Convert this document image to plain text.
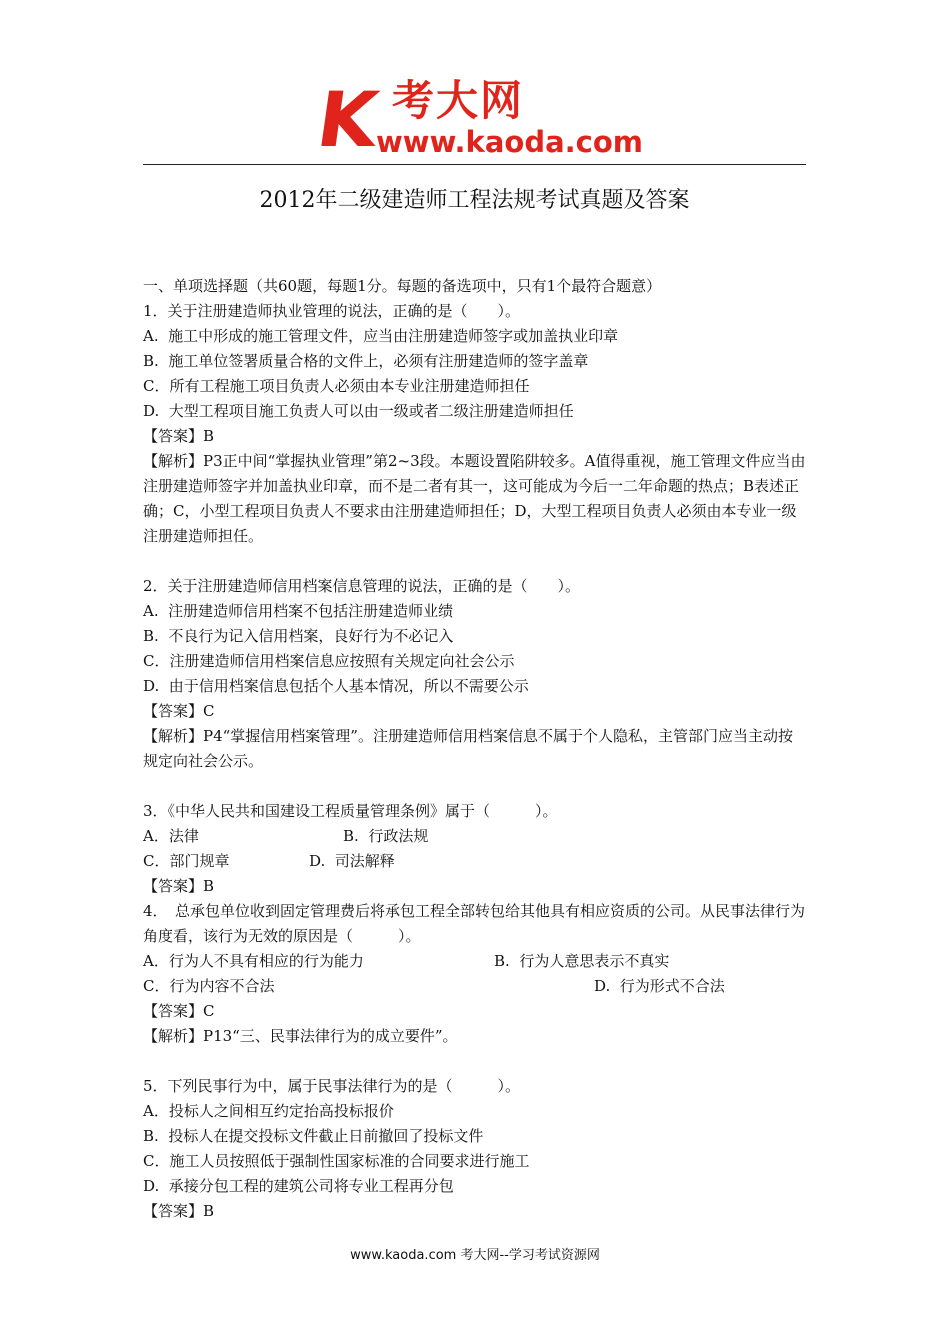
K 考大网
www.kaoda.com
2012年二级建造师工程法规考试真题及答案

一、单项选择题（共60题，每题1分。每题的备选项中，只有1个最符合题意）

1．关于注册建造师执业管理的说法，正确的是（　　）。

A.  施工中形成的施工管理文件，应当由注册建造师签字或加盖执业印章

B.  施工单位签署质量合格的文件上，必须有注册建造师的签字盖章

C．所有工程施工项目负责人必须由本专业注册建造师担任

D.  大型工程项目施工负责人可以由一级或者二级注册建造师担任

【答案】B

【解析】P3正中间“掌握执业管理”第2~3段。本题设置陷阱较多。A值得重视，施工管理文件应当由注册建造师签字并加盖执业印章，而不是二者有其一，这可能成为今后一二年命题的热点；B表述正确；C，小型工程项目负责人不要求由注册建造师担任；D，大型工程项目负责人必须由本专业一级注册建造师担任。

2．关于注册建造师信用档案信息管理的说法，正确的是（　　）。

A.  注册建造师信用档案不包括注册建造师业绩

B.  不良行为记入信用档案，良好行为不必记入

C．注册建造师信用档案信息应按照有关规定向社会公示

D.  由于信用档案信息包括个人基本情况，所以不需要公示

【答案】C

【解析】P4“掌握信用档案管理”。注册建造师信用档案信息不属于个人隐私，主管部门应当主动按规定向社会公示。

3．《中华人民共和国建设工程质量管理条例》属于（　　　）。

A．法律	B.  行政法规
C．部门规章	D.  司法解释

【答案】B

4．　总承包单位收到固定管理费后将承包工程全部转包给其他具有相应资质的公司。从民事法律行为角度看，该行为无效的原因是（　　　）。

A．行为人不具有相应的行为能力	B.  行为人意思表示不真实
C．行为内容不合法	D.  行为形式不合法

【答案】C

【解析】P13“三、民事法律行为的成立要件”。

5．下列民事行为中，属于民事法律行为的是（　　　）。

A．投标人之间相互约定抬高投标报价

B.  投标人在提交投标文件截止日前撤回了投标文件

C．施工人员按照低于强制性国家标准的合同要求进行施工

D.  承接分包工程的建筑公司将专业工程再分包

【答案】B

www.kaoda.com 考大网--学习考试资源网
